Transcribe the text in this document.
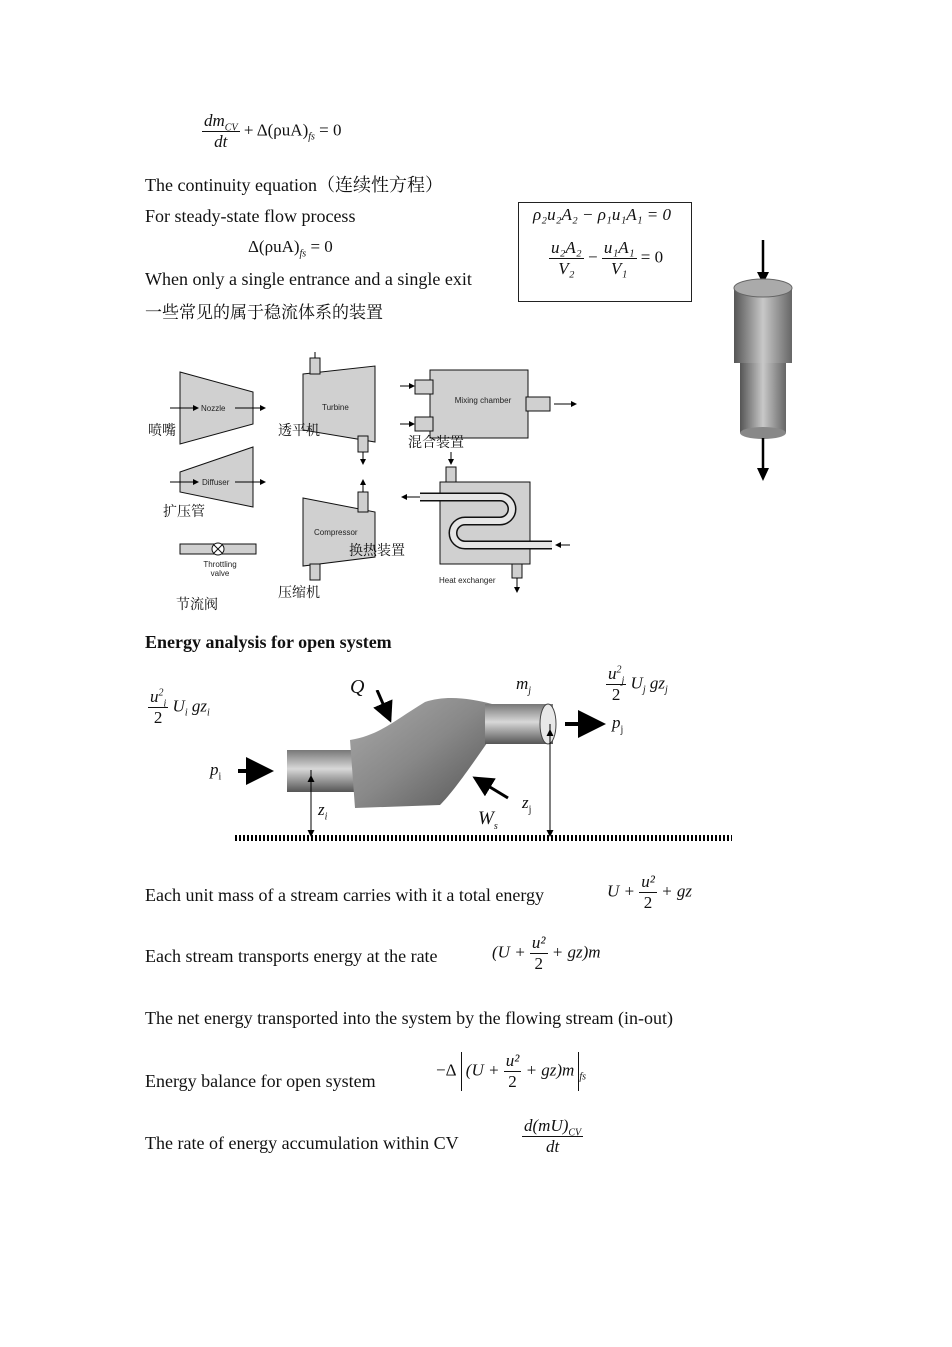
$\frac{dm_{CV}}{dt} + \Delta(\rho uA)_{fs} = 0$
The continuity equation（连续性方程）
For steady-state flow process
$\Delta(\rho uA)_{fs} = 0$
When only a single entrance and a single exit
一些常见的属于稳流体系的装置
ρ₂u₂A₂ − ρ₁u₁A₁ = 0
$\frac{\text{u₂A₂}}{\text{V₂}} - \frac{\text{u₁A₁}}{\text{V₁}} = 0$
Nozzle
喷嘴
Turbine
透平机
Mixing chamber
混合装置
Diffuser
扩压管
Compressor
换热装置
压缩机
Heat exchanger
Throttling valve
节流阀
Energy analysis for open system
$\frac{u^2_i}{2} U_i$ $gz_i$
Q	$m_j$	$\frac{u^2_j}{2} U_j$ $gz_j$
$p_j$
$p_i$
$z_i$
$z_j$
$W_s$
Each unit mass of a stream carries with it a total energy	$U + \frac{\text{u²}}{2}$ + gz
Each stream transports energy at the rate	$(U + \frac{\text{u²}}{2} + gz)m$
The net energy transported into the system by the flowing stream (in-out)
Energy balance for open system
−Δ $(U + \frac{\text{u²}}{2} + gz)m$ $_{fs}$
The rate of energy accumulation within CV	$\frac{d(mU)_{CV}}{dt}$
